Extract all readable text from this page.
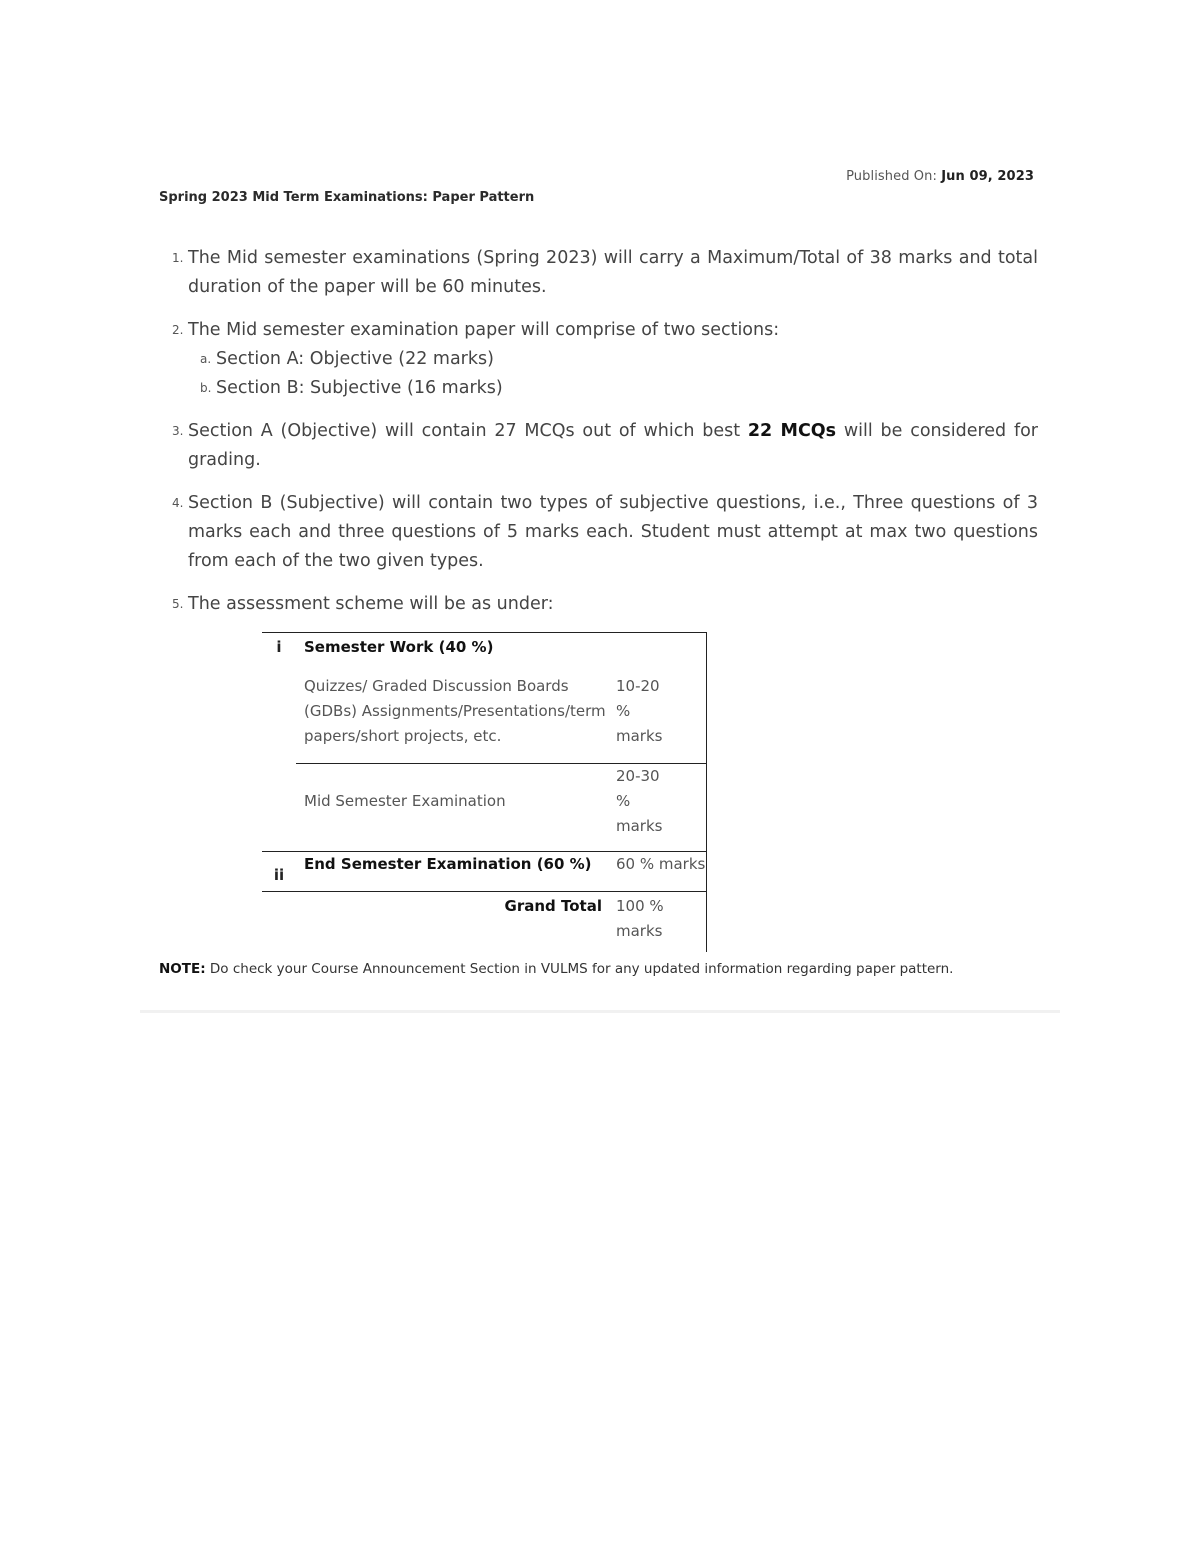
Published On: Jun 09, 2023
Spring 2023 Mid Term Examinations: Paper Pattern
1. The Mid semester examinations (Spring 2023) will carry a Maximum/Total of 38 marks and total duration of the paper will be 60 minutes.
2. The Mid semester examination paper will comprise of two sections:
a. Section A: Objective (22 marks)
b. Section B: Subjective (16 marks)
3. Section A (Objective) will contain 27 MCQs out of which best 22 MCQs will be considered for grading.
4. Section B (Subjective) will contain two types of subjective questions, i.e., Three questions of 3 marks each and three questions of 5 marks each. Student must attempt at max two questions from each of the two given types.
5. The assessment scheme will be as under:
i	Semester Work (40 %)	
	Quizzes/ Graded Discussion Boards (GDBs) Assignments/Presentations/term papers/short projects, etc.	10-20 % marks
	Mid Semester Examination	20-30 % marks
ii	End Semester Examination (60 %)	60 % marks
Grand Total		100 % marks
NOTE: Do check your Course Announcement Section in VULMS for any updated information regarding paper pattern.
